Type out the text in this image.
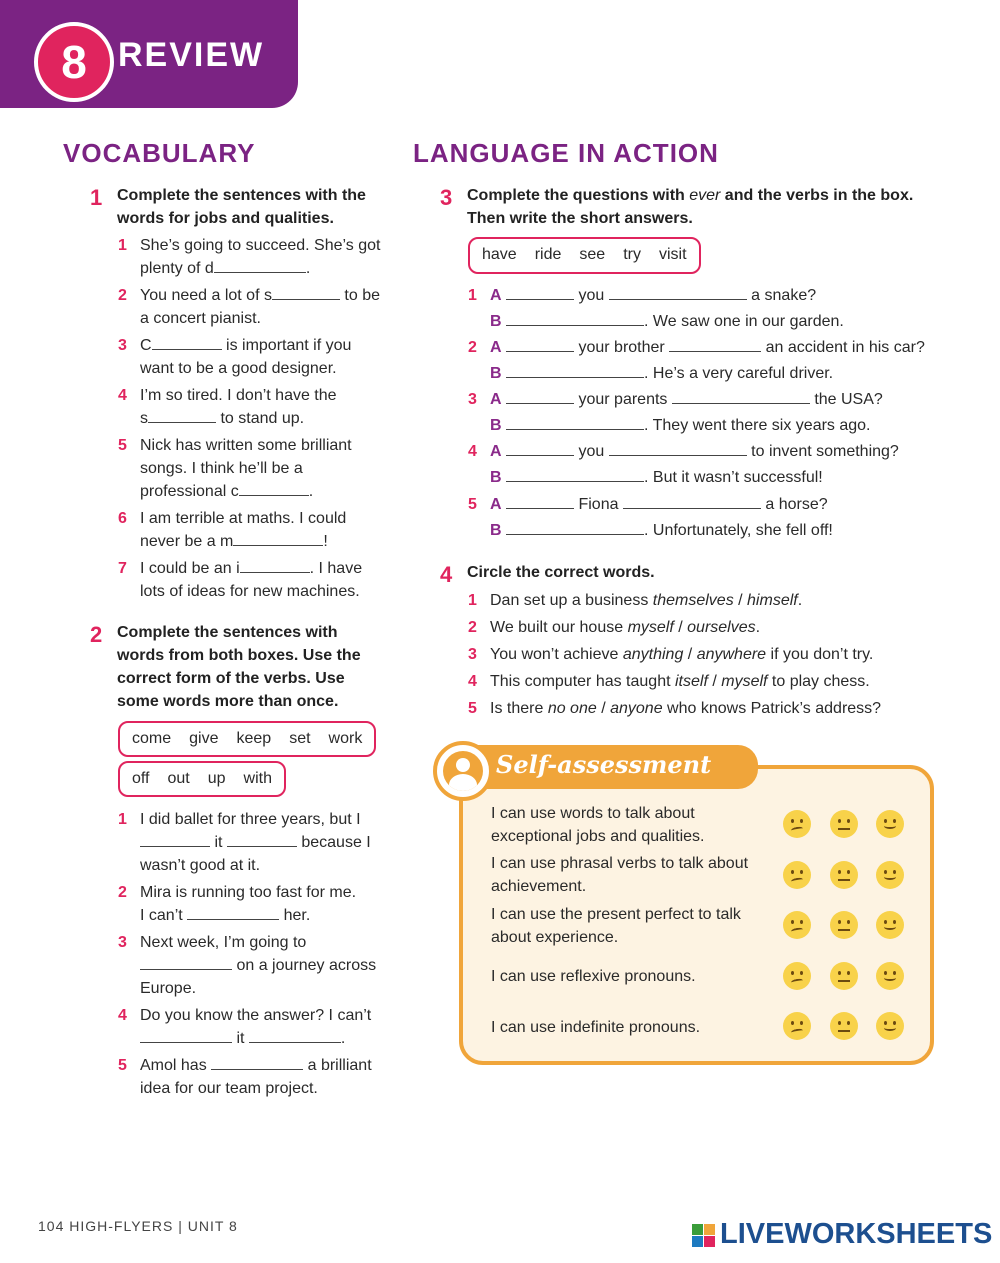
8 REVIEW
VOCABULARY	LANGUAGE IN ACTION
1 Complete the sentences with the
words for jobs and qualities.
1 She’s going to succeed. She’s got
plenty of d	.
2 You need a lot of s	to be
a concert pianist.
3 C	is important if you
want to be a good designer.
4 I’m so tired. I don’t have the
s	to stand up.
5 Nick has written some brilliant
songs. I think he’ll be a
professional c	.
6 I am terrible at maths. I could
never be a m	!
7 I could be an i	. I have
lots of ideas for new machines.
2 Complete the sentences with
words from both boxes. Use the
correct form of the verbs. Use
some words more than once.
come give keep set work
off out up with
1 I did ballet for three years, but I
it	because I
wasn’t good at it.
2 Mira is running too fast for me.
I can’t	her.
3 Next week, I’m going to
on a journey across
Europe.
4 Do you know the answer? I can’t
it	.
5 Amol has	a brilliant
idea for our team project.
3 Complete the questions with ever and the verbs in the box.
Then write the short answers.
have ride see try visit
1 A	you	a snake?
B	. We saw one in our garden.
2 A	your brother	an accident in his car?
B	. He’s a very careful driver.
3 A	your parents	the USA?
B	. They went there six years ago.
4 A	you	to invent something?
B	. But it wasn’t successful!
5 A	Fiona	a horse?
B	. Unfortunately, she fell off!
4 Circle the correct words.
1 Dan set up a business themselves / himself.
2 We built our house myself / ourselves.
3 You won’t achieve anything / anywhere if you don’t try.
4 This computer has taught itself / myself to play chess.
5 Is there no one / anyone who knows Patrick’s address?
Self-assessment
I can use words to talk about
exceptional jobs and qualities.
I can use phrasal verbs to talk about
achievement.
I can use the present perfect to talk
about experience.
I can use reflexive pronouns.
I can use indefinite pronouns.
104 HIGH-FLYERS | UNIT 8	LIVEWORKSHEETS
